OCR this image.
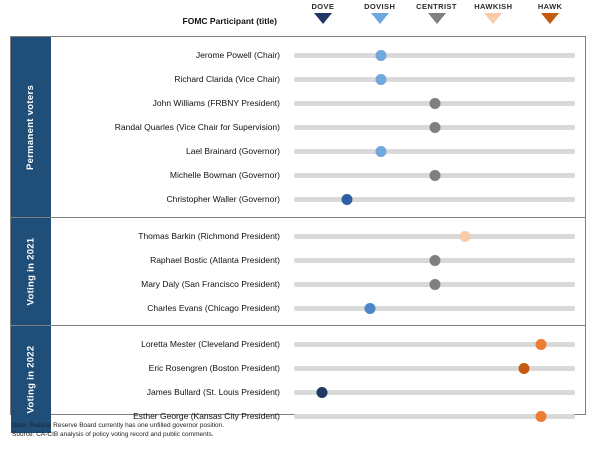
FOMC Participant (title)
DOVE	DOVISH	CENTRIST HAWKISH	HAWK
Permanent voters
Jerome Powell (Chair)
Richard Clarida (Vice Chair)
John Williams (FRBNY President)
Randal Quarles (Vice Chair for Supervision)
Lael Brainard (Governor)
Michelle Bowman (Governor)
Christopher Waller (Governor)
Voting in 2021
Thomas Barkin (Richmond President)
Raphael Bostic (Atlanta President)
Mary Daly (San Francisco President)
Charles Evans (Chicago President)
Voting in 2022
Loretta Mester (Cleveland President)
Eric Rosengren (Boston President)
James Bullard (St. Louis President)
Esther George (Kansas City President)
Note: Federal Reserve Board currently has one unfilled governor position.
Source: CA-CIB analysis of policy voting record and public comments.
